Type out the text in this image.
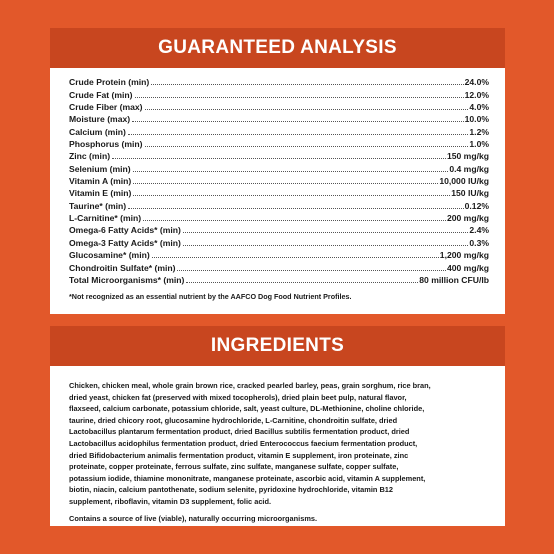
GUARANTEED ANALYSIS
Crude Protein (min)	24.0%
Crude Fat (min)	12.0%
Crude Fiber (max)	4.0%
Moisture (max)	10.0%
Calcium (min)	1.2%
Phosphorus (min)	1.0%
Zinc (min)	150 mg/kg
Selenium (min)	0.4 mg/kg
Vitamin A (min)	10,000 IU/kg
Vitamin E (min)	150 IU/kg
Taurine* (min)	0.12%
L-Carnitine* (min)	200 mg/kg
Omega-6 Fatty Acids* (min)	2.4%
Omega-3 Fatty Acids* (min)	0.3%
Glucosamine* (min)	1,200 mg/kg
Chondroitin Sulfate* (min)	400 mg/kg
Total Microorganisms* (min)	80 million CFU/lb
*Not recognized as an essential nutrient by the AAFCO Dog Food Nutrient Profiles.
INGREDIENTS
Chicken, chicken meal, whole grain brown rice, cracked pearled barley, peas, grain sorghum, rice bran,
dried yeast, chicken fat (preserved with mixed tocopherols), dried plain beet pulp, natural flavor,
flaxseed, calcium carbonate, potassium chloride, salt, yeast culture, DL-Methionine, choline chloride,
taurine, dried chicory root, glucosamine hydrochloride, L-Carnitine, chondroitin sulfate, dried
Lactobacillus plantarum fermentation product, dried Bacillus subtilis fermentation product, dried
Lactobacillus acidophilus fermentation product, dried Enterococcus faecium fermentation product,
dried Bifidobacterium animalis fermentation product, vitamin E supplement, iron proteinate, zinc
proteinate, copper proteinate, ferrous sulfate, zinc sulfate, manganese sulfate, copper sulfate,
potassium iodide, thiamine mononitrate, manganese proteinate, ascorbic acid, vitamin A supplement,
biotin, niacin, calcium pantothenate, sodium selenite, pyridoxine hydrochloride, vitamin B12
supplement, riboflavin, vitamin D3 supplement, folic acid.
Contains a source of live (viable), naturally occurring microorganisms.
